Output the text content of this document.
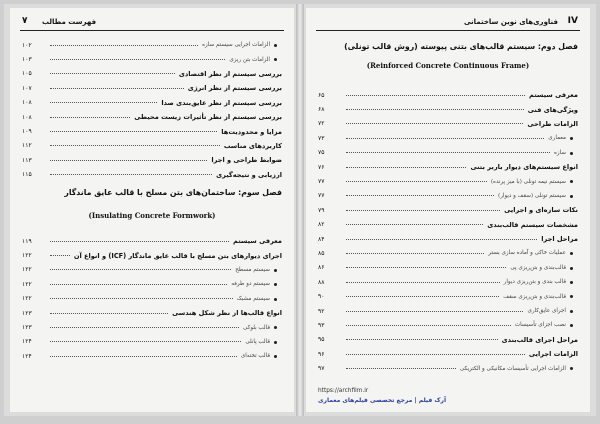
۷ فهرست مطالب
الزامات اجرایی سیستم سازه
۱۰۲
الزامات بتن ریزی
۱۰۳
بررسی سیستم از نظر اقتصادی
۱۰۵
بررسی سیستم از نظر انرژی
۱۰۷
بررسی سیستم از نظر عایق‌بندی صدا
۱۰۸
بررسی سیستم از نظر تأثیرات زیست محیطی
۱۰۸
مزایا و محدودیت‌ها
۱۰۹
کاربردهای مناسب
۱۱۲
ضوابط طراحی و اجرا
۱۱۳
ارزیابی و نتیجه‌گیری
۱۱۵
فصل سوم: ساختمان‌های بتن مسلح با قالب عایق ماندگار
(Insulating Concrete Formwork)
معرفی سیستم
۱۱۹
اجرای دیوارهای بتن مسلح با قالب عایق ماندگار (ICF) و انواع آن
۱۲۲
سیستم مسطح
۱۲۲
سیستم دو طرفه
۱۲۲
سیستم مشبک
۱۲۲
انواع قالب‌ها از نظر شکل هندسی
۱۲۳
قالب بلوکی
۱۲۳
قالب پانلی
۱۲۴
قالب تخته‌ای
۱۲۴
IV
فناوری‌های نوین ساختمانی
فصل دوم: سیستم قالب‌های بتنی پیوسته (روش قالب تونلی)
(Reinforced Concrete Continuous Frame)
معرفی سیستم
۶۵
ویژگی‌های فنی
۶۸
الزامات طراحی
۷۲
معماری
۷۳
سازه
۷۵
انواع سیستم‌های دیوار باربر بتنی
۷۶
سیستم نیمه تونلی (با میز پرنده)
۷۷
سیستم تونلی (سقف و دیوار)
۷۷
نکات سازه‌ای و اجرایی
۷۹
مشخصات سیستم قالب‌بندی
۸۲
مراحل اجرا
۸۴
عملیات خاکی و آماده سازی بستر
۸۵
قالب‌بندی و بتن‌ریزی پی
۸۶
قالب بندی و بتن‌ریزی دیوار
۸۸
قالب‌بندی و بتن‌ریزی سقف
۹۰
اجرای عایق‌کاری
۹۲
نصب اجزای تأسیسات
۹۳
مراحل اجرای قالب‌بندی
۹۵
الزامات اجرایی
۹۶
الزامات اجرایی تأسیسات مکانیکی و الکتریکی
۹۷
https://archfilm.ir
آرک فیلم | مرجع تخصصی فیلم‌های معماری
